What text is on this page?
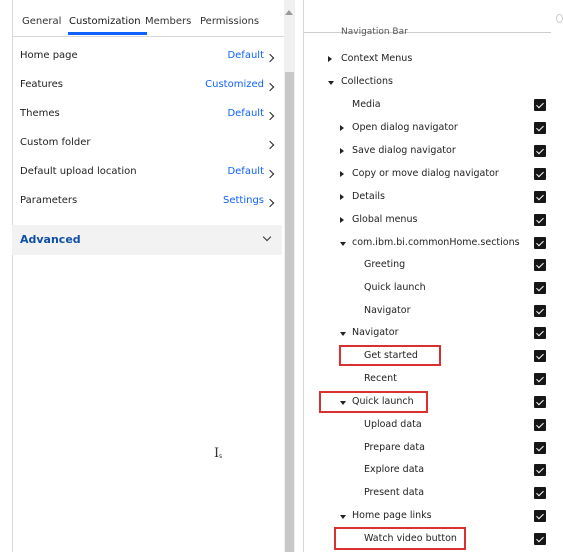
General Customization Members Permissions
Home page	Default
Features	Customized
Themes	Default
Custom folder
Default upload location	Default
Parameters	Settings
Advanced
I s
Navigation Bar
Context Menus
Collections
Media
Open dialog navigator
Save dialog navigator
Copy or move dialog navigator
Details
Global menus
com.ibm.bi.commonHome.sections
Greeting
Quick launch
Navigator
Navigator
Get started
Recent
Quick launch
Upload data
Prepare data
Explore data
Present data
Home page links
Watch video button
